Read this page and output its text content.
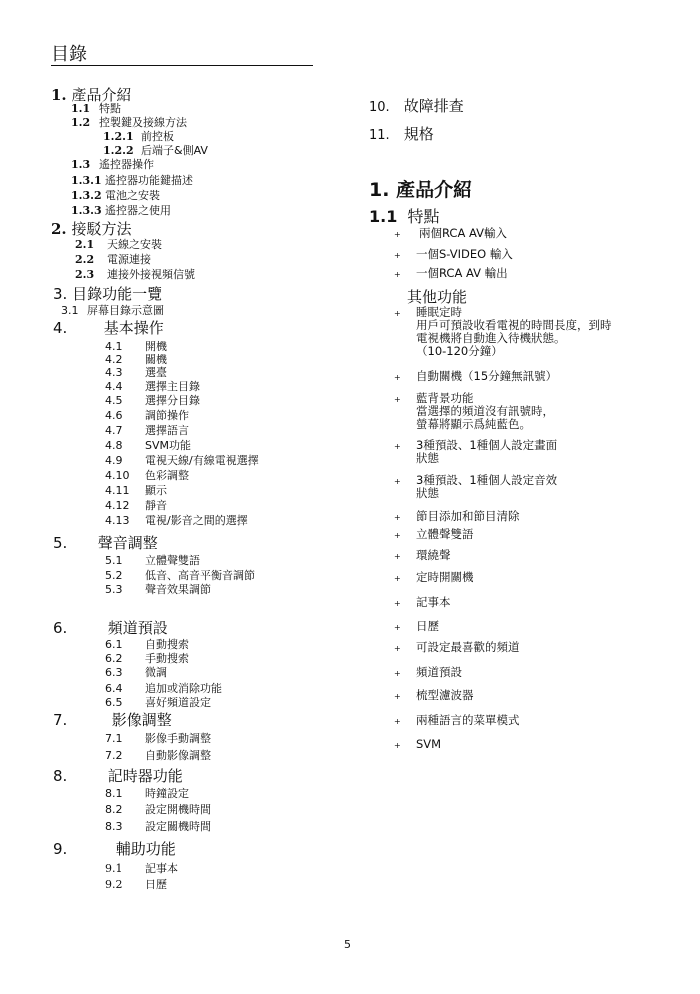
目錄
1. 產品介紹
1.1 特點
1.2 控製鍵及接線方法
1.2.1 前控板
1.2.2 后端子&側AV
1.3 遙控器操作
1.3.1 遙控器功能鍵描述
1.3.2 電池之安裝
1.3.3 遙控器之使用
2. 接駁方法
2.1 天線之安裝
2.2 電源連接
2.3 連接外接視頻信號
3. 目錄功能一覽
3.1 屏幕目錄示意圖
4. 基本操作
4.1 開機
4.2 關機
4.3 選臺
4.4 選擇主目錄
4.5 選擇分目錄
4.6 調節操作
4.7 選擇語言
4.8 SVM功能
4.9 電視天線/有線電視選擇
4.10 色彩調整
4.11 顯示
4.12 靜音
4.13 電視/影音之間的選擇
5. 聲音調整
5.1 立體聲雙語
5.2 低音、高音平衡音調節
5.3 聲音效果調節
6.	頻道預設
6.1 自動搜索
6.2 手動搜索
6.3 微調
6.4 追加或消除功能
6.5 喜好頻道設定
7.	影像調整
7.1 影像手動調整
7.2 自動影像調整
8.	記時器功能
8.1 時鐘設定
8.2 設定開機時間
8.3 設定關機時間
9.	輔助功能
9.1 記事本
9.2 日歷
10. 故障排查
11. 規格
1. 產品介紹
1.1 特點
+ 兩個RCA AV輸入
+ 一個S-VIDEO 輸入
+ 一個RCA AV 輸出
其他功能
+ 睡眠定時
用戶可預設收看電視的時間長度，到時
電視機將自動進入待機狀態。
（10-120分鐘）
+ 自動關機（15分鐘無訊號）
+ 藍背景功能
當選擇的頻道沒有訊號時，
螢幕將顯示爲純藍色。
+ 3種預設、1種個人設定畫面
狀態
+ 3種預設、1種個人設定音效
狀態
+ 節目添加和節目清除
+ 立體聲雙語
+ 環繞聲
+ 定時開關機
+ 記事本
+ 日歷
+ 可設定最喜歡的頻道
+ 頻道預設
+ 梳型濾波器
+ 兩種語言的菜單模式
+ SVM
5
